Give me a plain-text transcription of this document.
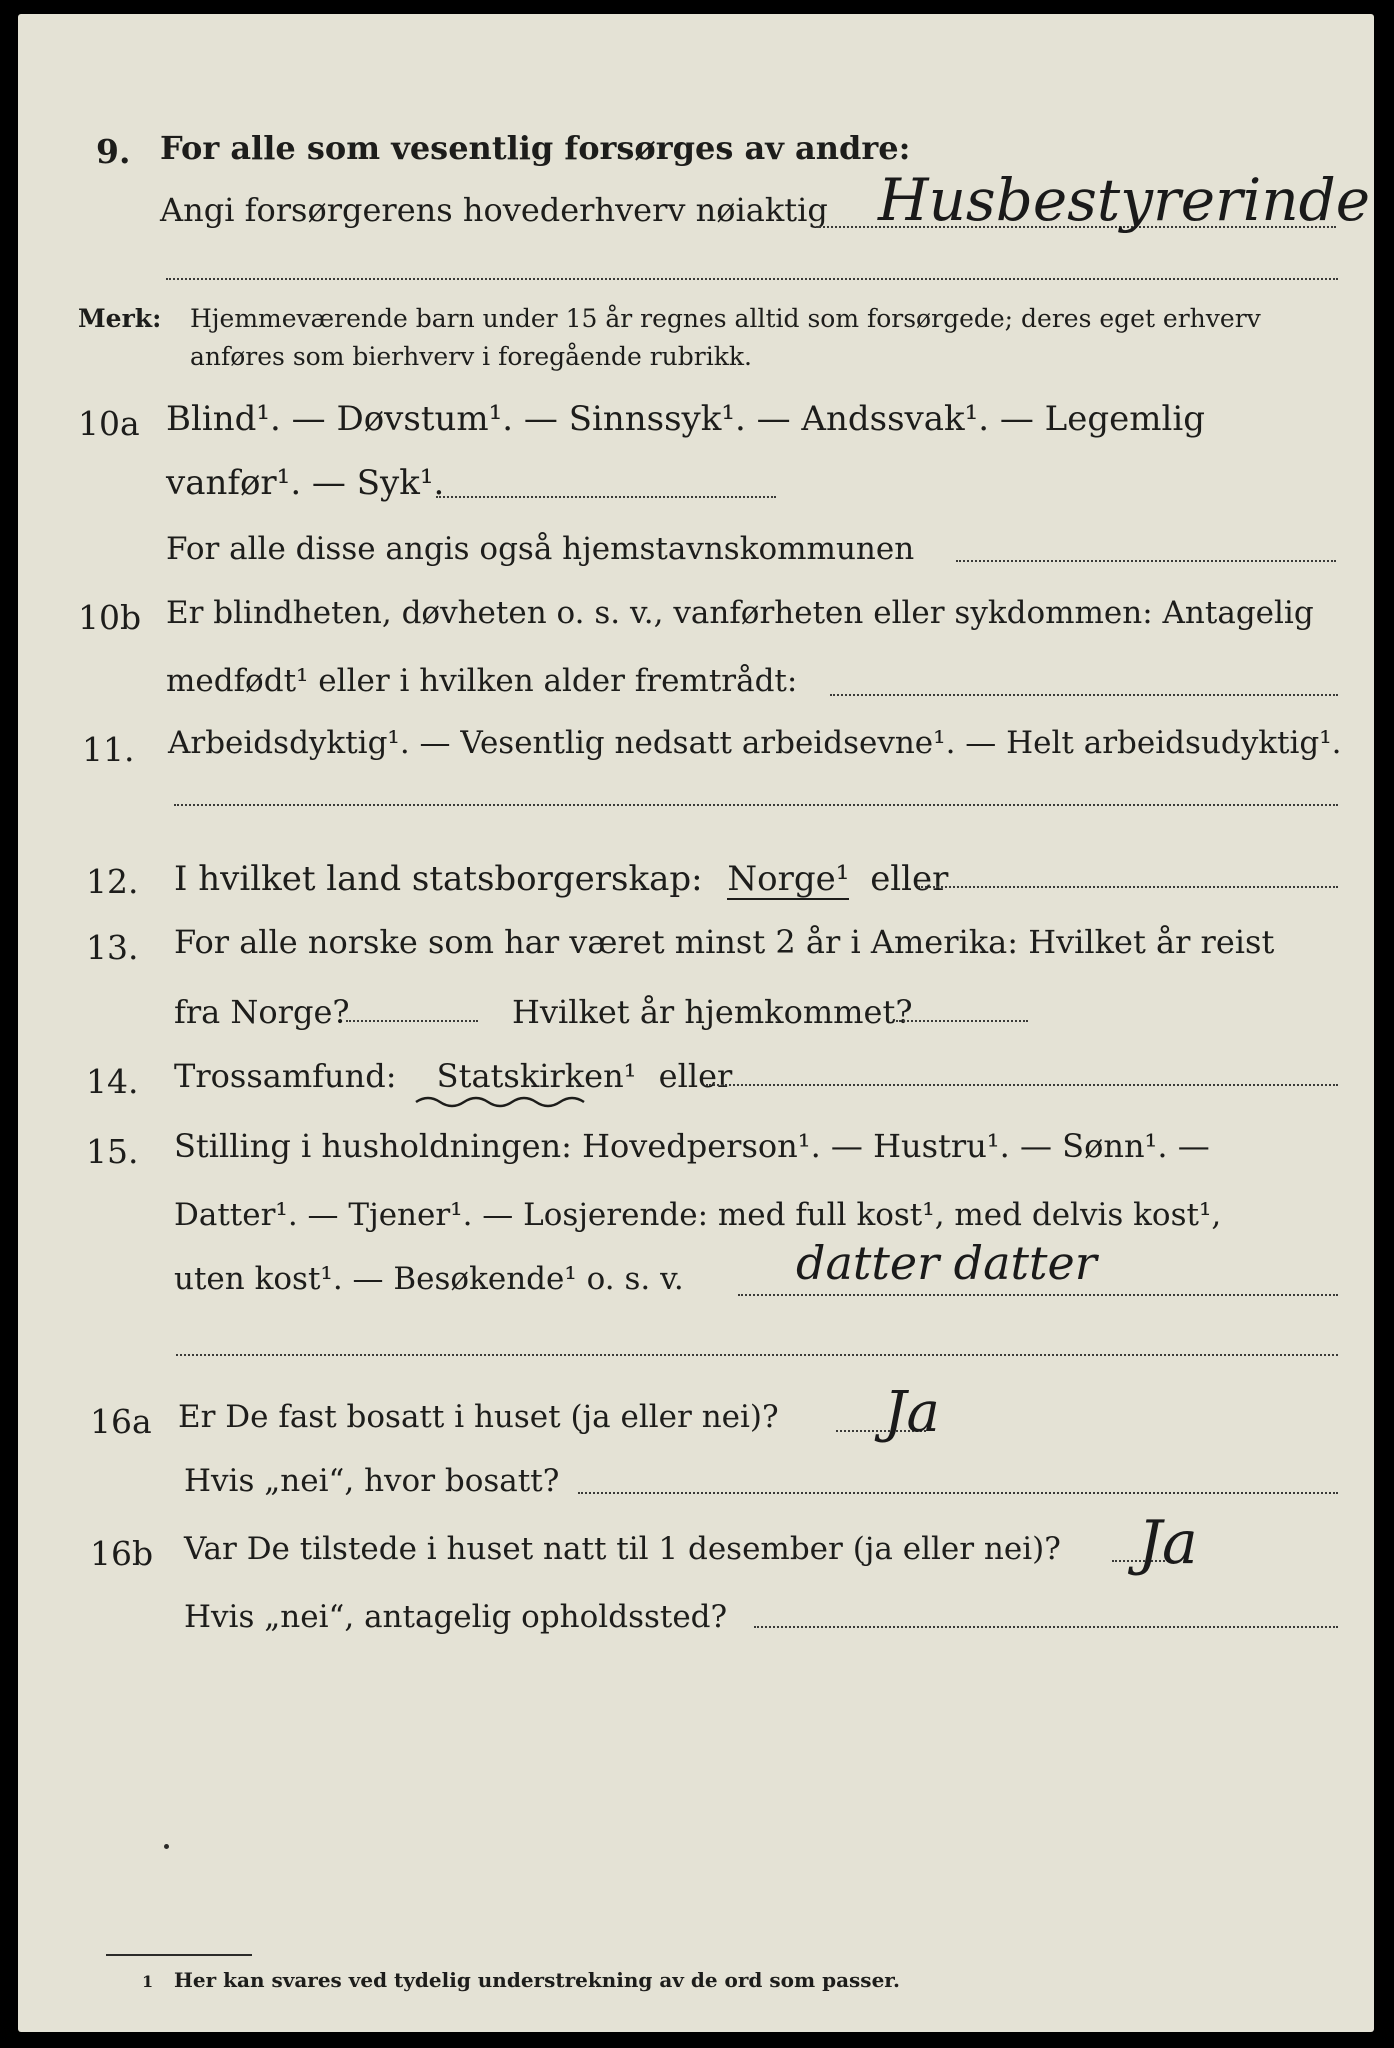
9. For alle som vesentlig forsørges av andre:
Angi forsørgerens hovederhverv nøiaktig Husbestyrerinde
Merk: Hjemmeværende barn under 15 år regnes alltid som forsørgede; deres eget erhverv
anføres som bierhverv i foregående rubrikk.
10a Blind¹. — Døvstum¹. — Sinnssyk¹. — Andssvak¹. — Legemlig
vanfør¹. — Syk¹.
For alle disse angis også hjemstavnskommunen
10b Er blindheten, døvheten o. s. v., vanførheten eller sykdommen: Antagelig
medfødt¹ eller i hvilken alder fremtrådt:
11. Arbeidsdyktig¹. — Vesentlig nedsatt arbeidsevne¹. — Helt arbeidsudyktig¹.
12. I hvilket land statsborgerskap: Norge¹ eller
13. For alle norske som har været minst 2 år i Amerika: Hvilket år reist
fra Norge?	Hvilket år hjemkommet?
14. Trossamfund: Statskirken¹ eller
15. Stilling i husholdningen: Hovedperson¹. — Hustru¹. — Sønn¹. —
Datter¹. — Tjener¹. — Losjerende: med full kost¹, med delvis kost¹,
uten kost¹. — Besøkende¹ o. s. v. datter datter
16a Er De fast bosatt i huset (ja eller nei)? Ja
Hvis „nei“, hvor bosatt?
16b Var De tilstede i huset natt til 1 desember (ja eller nei)? Ja
Hvis „nei“, antagelig opholdssted?
1 Her kan svares ved tydelig understrekning av de ord som passer.
